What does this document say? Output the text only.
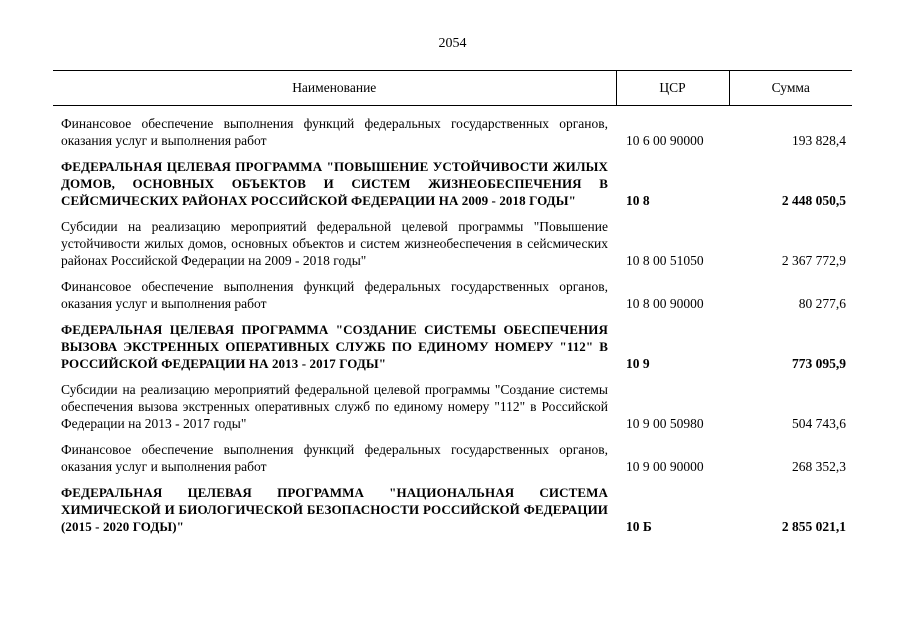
2054
Наименование	ЦСР	Сумма
Финансовое обеспечение выполнения функций федеральных государственных органов, оказания услуг и выполнения работ	10 6 00 90000	193 828,4
ФЕДЕРАЛЬНАЯ ЦЕЛЕВАЯ ПРОГРАММА "ПОВЫШЕНИЕ УСТОЙЧИВОСТИ ЖИЛЫХ ДОМОВ, ОСНОВНЫХ ОБЪЕКТОВ И СИСТЕМ ЖИЗНЕОБЕСПЕЧЕНИЯ В СЕЙСМИЧЕСКИХ РАЙОНАХ РОССИЙСКОЙ ФЕДЕРАЦИИ НА 2009 - 2018 ГОДЫ"	10 8	2 448 050,5
Субсидии на реализацию мероприятий федеральной целевой программы "Повышение устойчивости жилых домов, основных объектов и систем жизнеобеспечения в сейсмических районах Российской Федерации на 2009 - 2018 годы"	10 8 00 51050	2 367 772,9
Финансовое обеспечение выполнения функций федеральных государственных органов, оказания услуг и выполнения работ	10 8 00 90000	80 277,6
ФЕДЕРАЛЬНАЯ ЦЕЛЕВАЯ ПРОГРАММА "СОЗДАНИЕ СИСТЕМЫ ОБЕСПЕЧЕНИЯ ВЫЗОВА ЭКСТРЕННЫХ ОПЕРАТИВНЫХ СЛУЖБ ПО ЕДИНОМУ НОМЕРУ "112" В РОССИЙСКОЙ ФЕДЕРАЦИИ НА 2013 - 2017 ГОДЫ"	10 9	773 095,9
Субсидии на реализацию мероприятий федеральной целевой программы "Создание системы обеспечения вызова экстренных оперативных служб по единому номеру "112" в Российской Федерации на 2013 - 2017 годы"	10 9 00 50980	504 743,6
Финансовое обеспечение выполнения функций федеральных государственных органов, оказания услуг и выполнения работ	10 9 00 90000	268 352,3
ФЕДЕРАЛЬНАЯ ЦЕЛЕВАЯ ПРОГРАММА "НАЦИОНАЛЬНАЯ СИСТЕМА ХИМИЧЕСКОЙ И БИОЛОГИЧЕСКОЙ БЕЗОПАСНОСТИ РОССИЙСКОЙ ФЕДЕРАЦИИ (2015 - 2020 ГОДЫ)"	10 Б	2 855 021,1
